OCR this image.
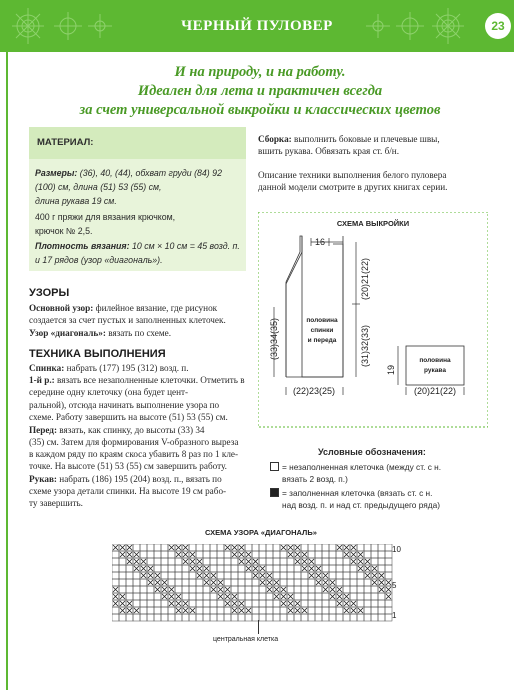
ЧЕРНЫЙ ПУЛОВЕР	23
И на природу, и на работу.
Идеален для лета и практичен всегда
за счет универсальной выкройки и классических цветов
МАТЕРИАЛ:
Размеры: (36), 40, (44), обхват груди (84) 92
(100) см, длина (51) 53 (55) см,
длина рукава 19 см.
400 г пряжи для вязания крючком,
крючок № 2,5.
Плотность вязания: 10 см × 10 см = 45 возд. п.
и 17 рядов (узор «диагональ»).
УЗОРЫ
Основной узор: филейное вязание, где рисунок
создается за счет пустых и заполненных клеточек.
Узор «диагональ»: вязать по схеме.
ТЕХНИКА ВЫПОЛНЕНИЯ
Спинка: набрать (177) 195 (312) возд. п.
1-й р.: вязать все незаполненные клеточки. Отметить в середине одну клеточку (она будет цент-
ральной), отсюда начинать выполнение узора по
схеме. Работу завершить на высоте (51) 53 (55) см.
Перед: вязать, как спинку, до высоты (33) 34
(35) см. Затем для формирования V-образного выреза
в каждом ряду по краям скоса убавить 8 раз по 1 кле-
точке. На высоте (51) 53 (55) см завершить работу.
Рукав: набрать (186) 195 (204) возд. п., вязать по
схеме узора детали спинки. На высоте 19 см рабо-
ту завершить.
Сборка: выполнить боковые и плечевые швы,
вшить рукава. Обвязать края ст. б/н.
Описание техники выполнения белого пуловера
данной модели смотрите в других книгах серии.
СХЕМА ВЫКРОЙКИ
16
(33)34(35)
(20)21(22)
(31)32(33)
половина
спинки
и переда
(22)23(25)
половина
рукава
19
(20)21(22)
Условные обозначения:
= незаполненная клеточка (между ст. с н.
вязать 2 возд. п.)
= заполненная клеточка (вязать ст. с н.
над возд. п. и над ст. предыдущего ряда)
СХЕМА УЗОРА «ДИАГОНАЛЬ»
10
5
1
центральная клетка
